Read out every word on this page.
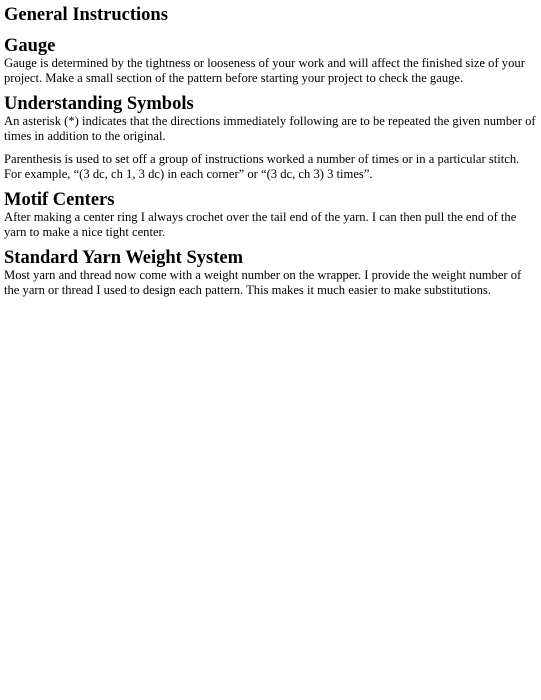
General Instructions
Gauge

Gauge is determined by the tightness or looseness of your work and will affect the finished size of your project. Make a small section of the pattern before starting your project to check the gauge.

Understanding Symbols

An asterisk (*) indicates that the directions immediately following are to be repeated the given number of times in addition to the original.

Parenthesis is used to set off a group of instructions worked a number of times or in a particular stitch. For example, “(3 dc, ch 1, 3 dc) in each corner” or “(3 dc, ch 3) 3 times”.

Motif Centers

After making a center ring I always crochet over the tail end of the yarn. I can then pull the end of the yarn to make a nice tight center.

Standard Yarn Weight System

Most yarn and thread now come with a weight number on the wrapper. I provide the weight number of the yarn or thread I used to design each pattern. This makes it much easier to make substitutions.
